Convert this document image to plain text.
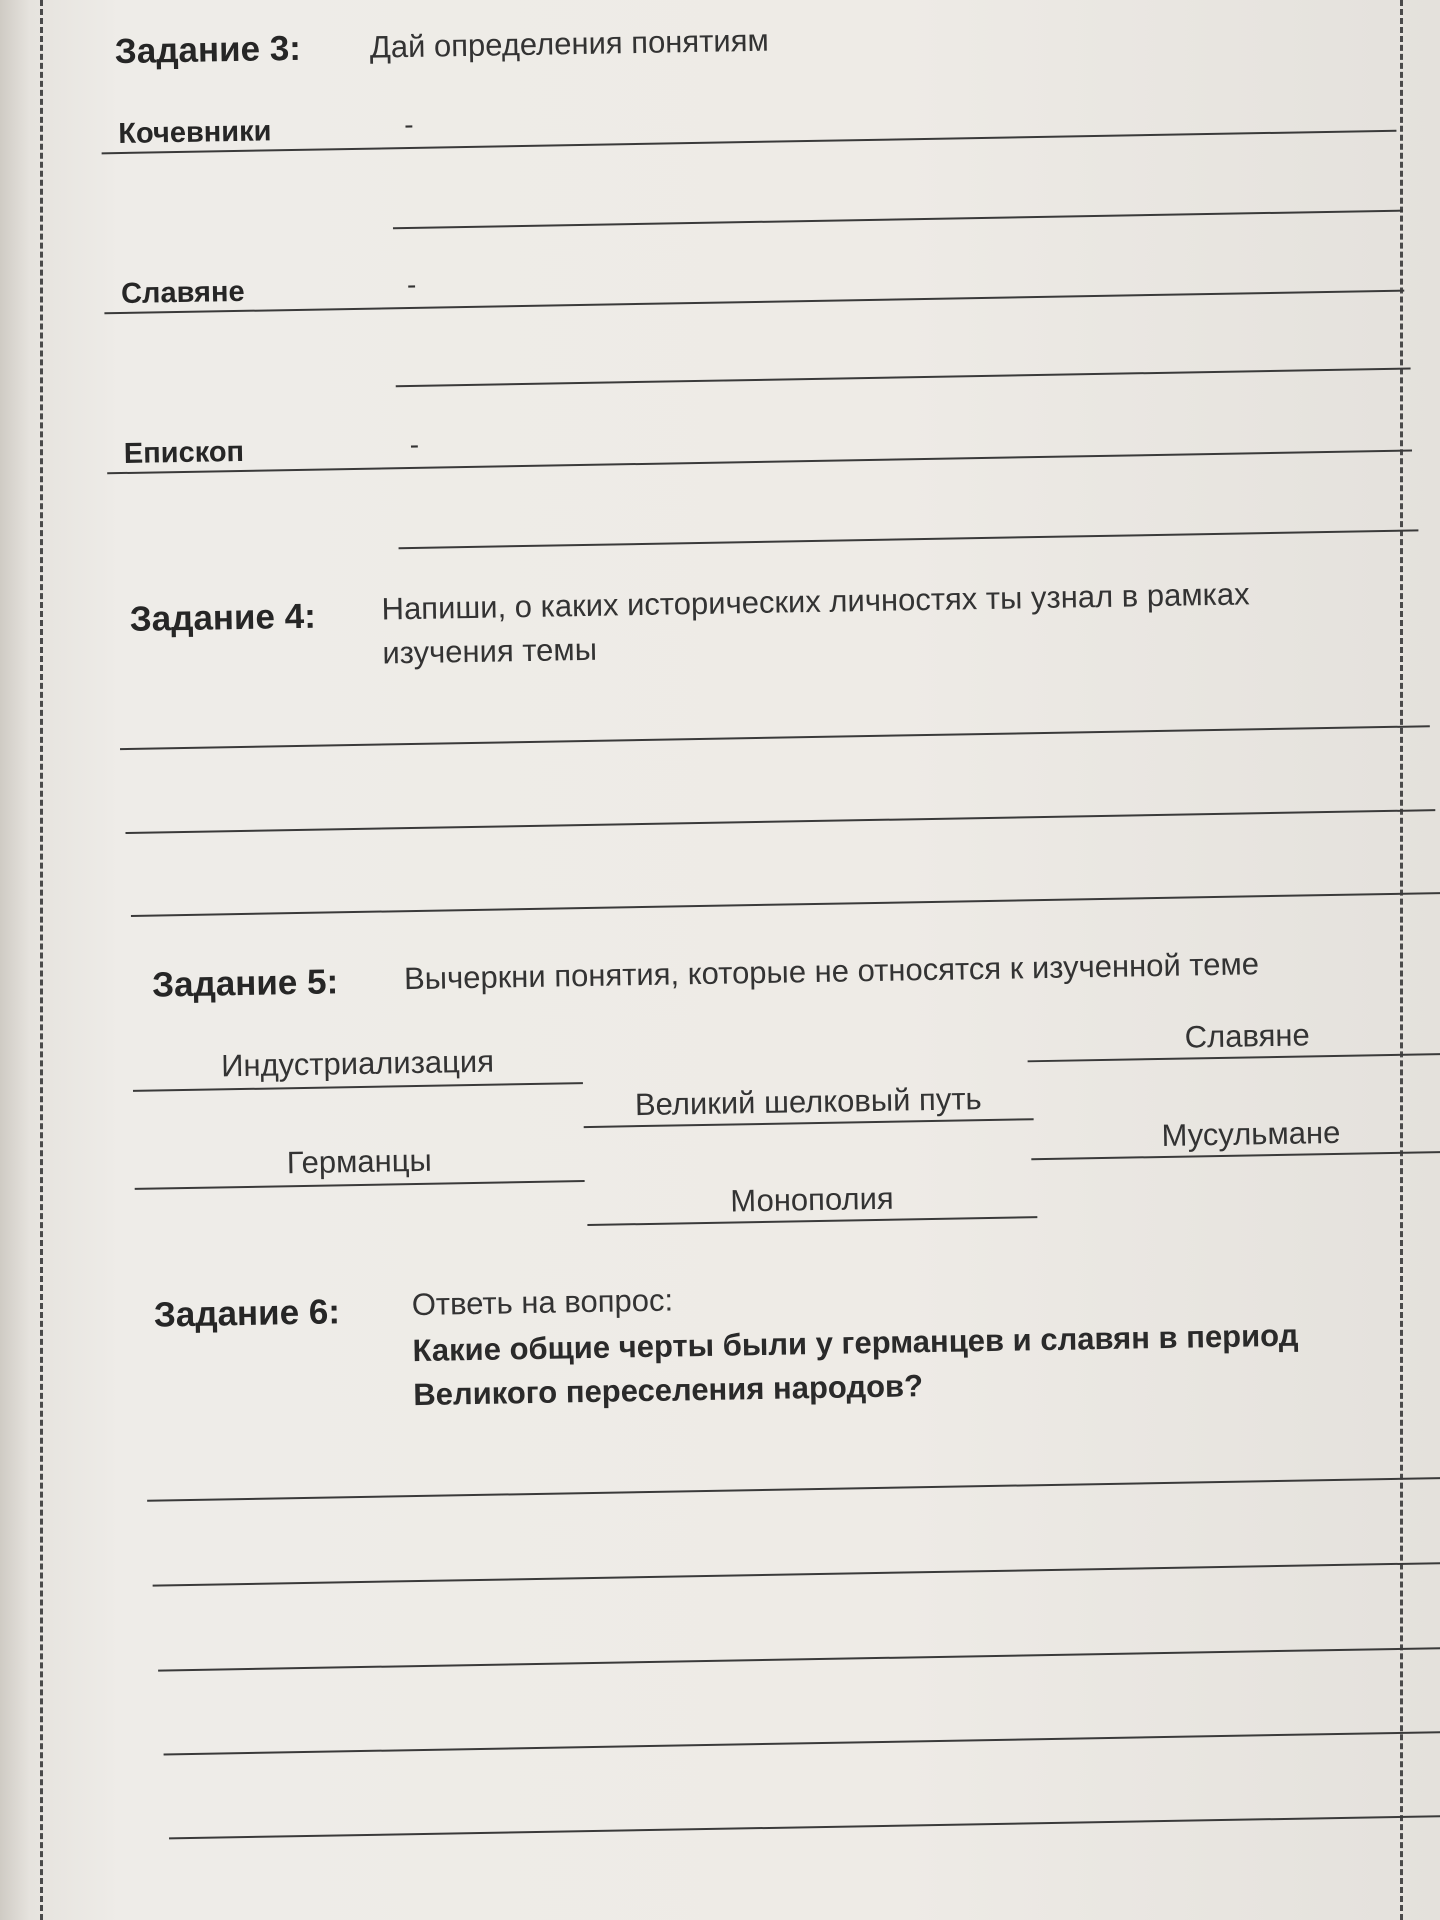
Задание 3: Дай определения понятиям
Кочевники	-
Славяне	-
Епископ	-
Задание 4: Напиши, о каких исторических личностях ты узнал в рамках
изучения темы
Задание 5: Вычеркни понятия, которые не относятся к изученной теме
Индустриализация
Славяне
Великий шелковый путь
Германцы
Мусульмане
Монополия
Задание 6: Ответь на вопрос:
Какие общие черты были у германцев и славян в период
Великого переселения народов?
